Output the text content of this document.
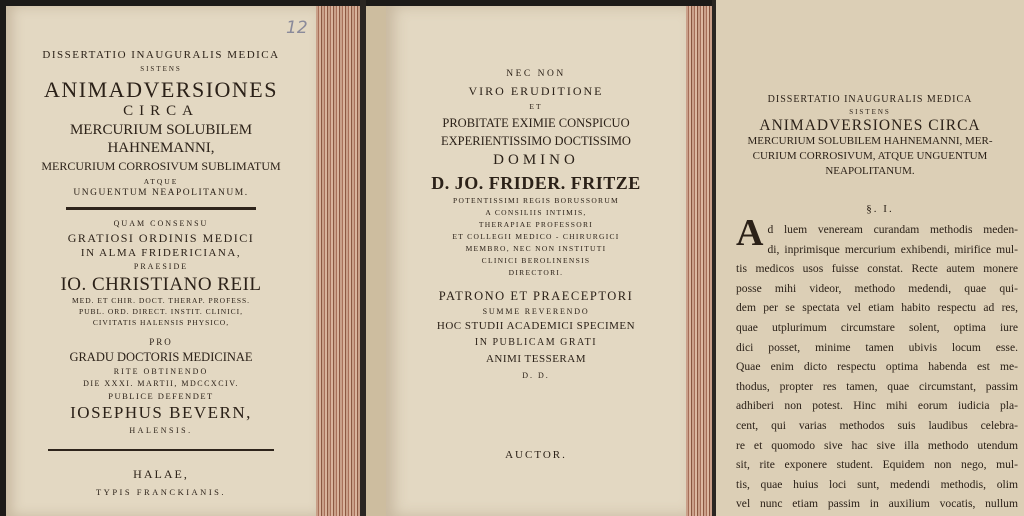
12
DISSERTATIO INAUGURALIS MEDICA
SISTENS
ANIMADVERSIONES
CIRCA
MERCURIUM SOLUBILEM
HAHNEMANNI,
MERCURIUM CORROSIVUM SUBLIMATUM
ATQUE
UNGUENTUM NEAPOLITANUM.
QUAM CONSENSU
GRATIOSI ORDINIS MEDICI
IN ALMA FRIDERICIANA,
PRAESIDE
IO. CHRISTIANO REIL
MED. ET CHIR. DOCT. THERAP. PROFESS.
PUBL. ORD. DIRECT. INSTIT. CLINICI,
CIVITATIS HALENSIS PHYSICO,
PRO
GRADU DOCTORIS MEDICINAE
RITE OBTINENDO
DIE XXXI. MARTII, MDCCXCIV.
PUBLICE DEFENDET
IOSEPHUS BEVERN,
HALENSIS.
HALAE,
TYPIS FRANCKIANIS.
NEC NON
VIRO ERUDITIONE
ET
PROBITATE EXIMIE CONSPICUO
EXPERIENTISSIMO DOCTISSIMO
DOMINO
D. JO. FRIDER. FRITZE
POTENTISSIMI REGIS BORUSSORUM
A CONSILIIS INTIMIS,
THERAPIAE PROFESSORI
ET COLLEGII MEDICO - CHIRURGICI
MEMBRO, NEC NON INSTITUTI
CLINICI BEROLINENSIS
DIRECTORI.
PATRONO ET PRAECEPTORI
SUMME REVERENDO
HOC STUDII ACADEMICI SPECIMEN
IN PUBLICAM GRATI
ANIMI TESSERAM
D. D.
AUCTOR.
DISSERTATIO INAUGURALIS MEDICA
SISTENS
ANIMADVERSIONES CIRCA
MERCURIUM SOLUBILEM HAHNEMANNI, MER-
CURIUM CORROSIVUM, ATQUE UNGUENTUM
NEAPOLITANUM.
§. I.
A d luem veneream curandam methodis meden-
di, inprimisque mercurium exhibendi, mirifice mul-
tis medicos usos fuisse constat. Recte autem monere
posse mihi videor, methodo medendi, quae qui-
dem per se spectata vel etiam habito respectu ad res,
quae utplurimum circumstare solent, optima iure
dici posset, minime tamen ubivis locum esse.
Quae enim dicto respectu optima habenda est me-
thodus, propter res tamen, quae circumstant, passim
adhiberi non potest. Hinc mihi eorum iudicia pla-
cent, qui varias methodos suis laudibus celebra-
re et quomodo sive hac sive illa methodo utendum
sit, rite exponere student. Equidem non nego, mul-
tis, quae huius loci sunt, medendi methodis, olim
vel nunc etiam passim in auxilium vocatis, nullum
